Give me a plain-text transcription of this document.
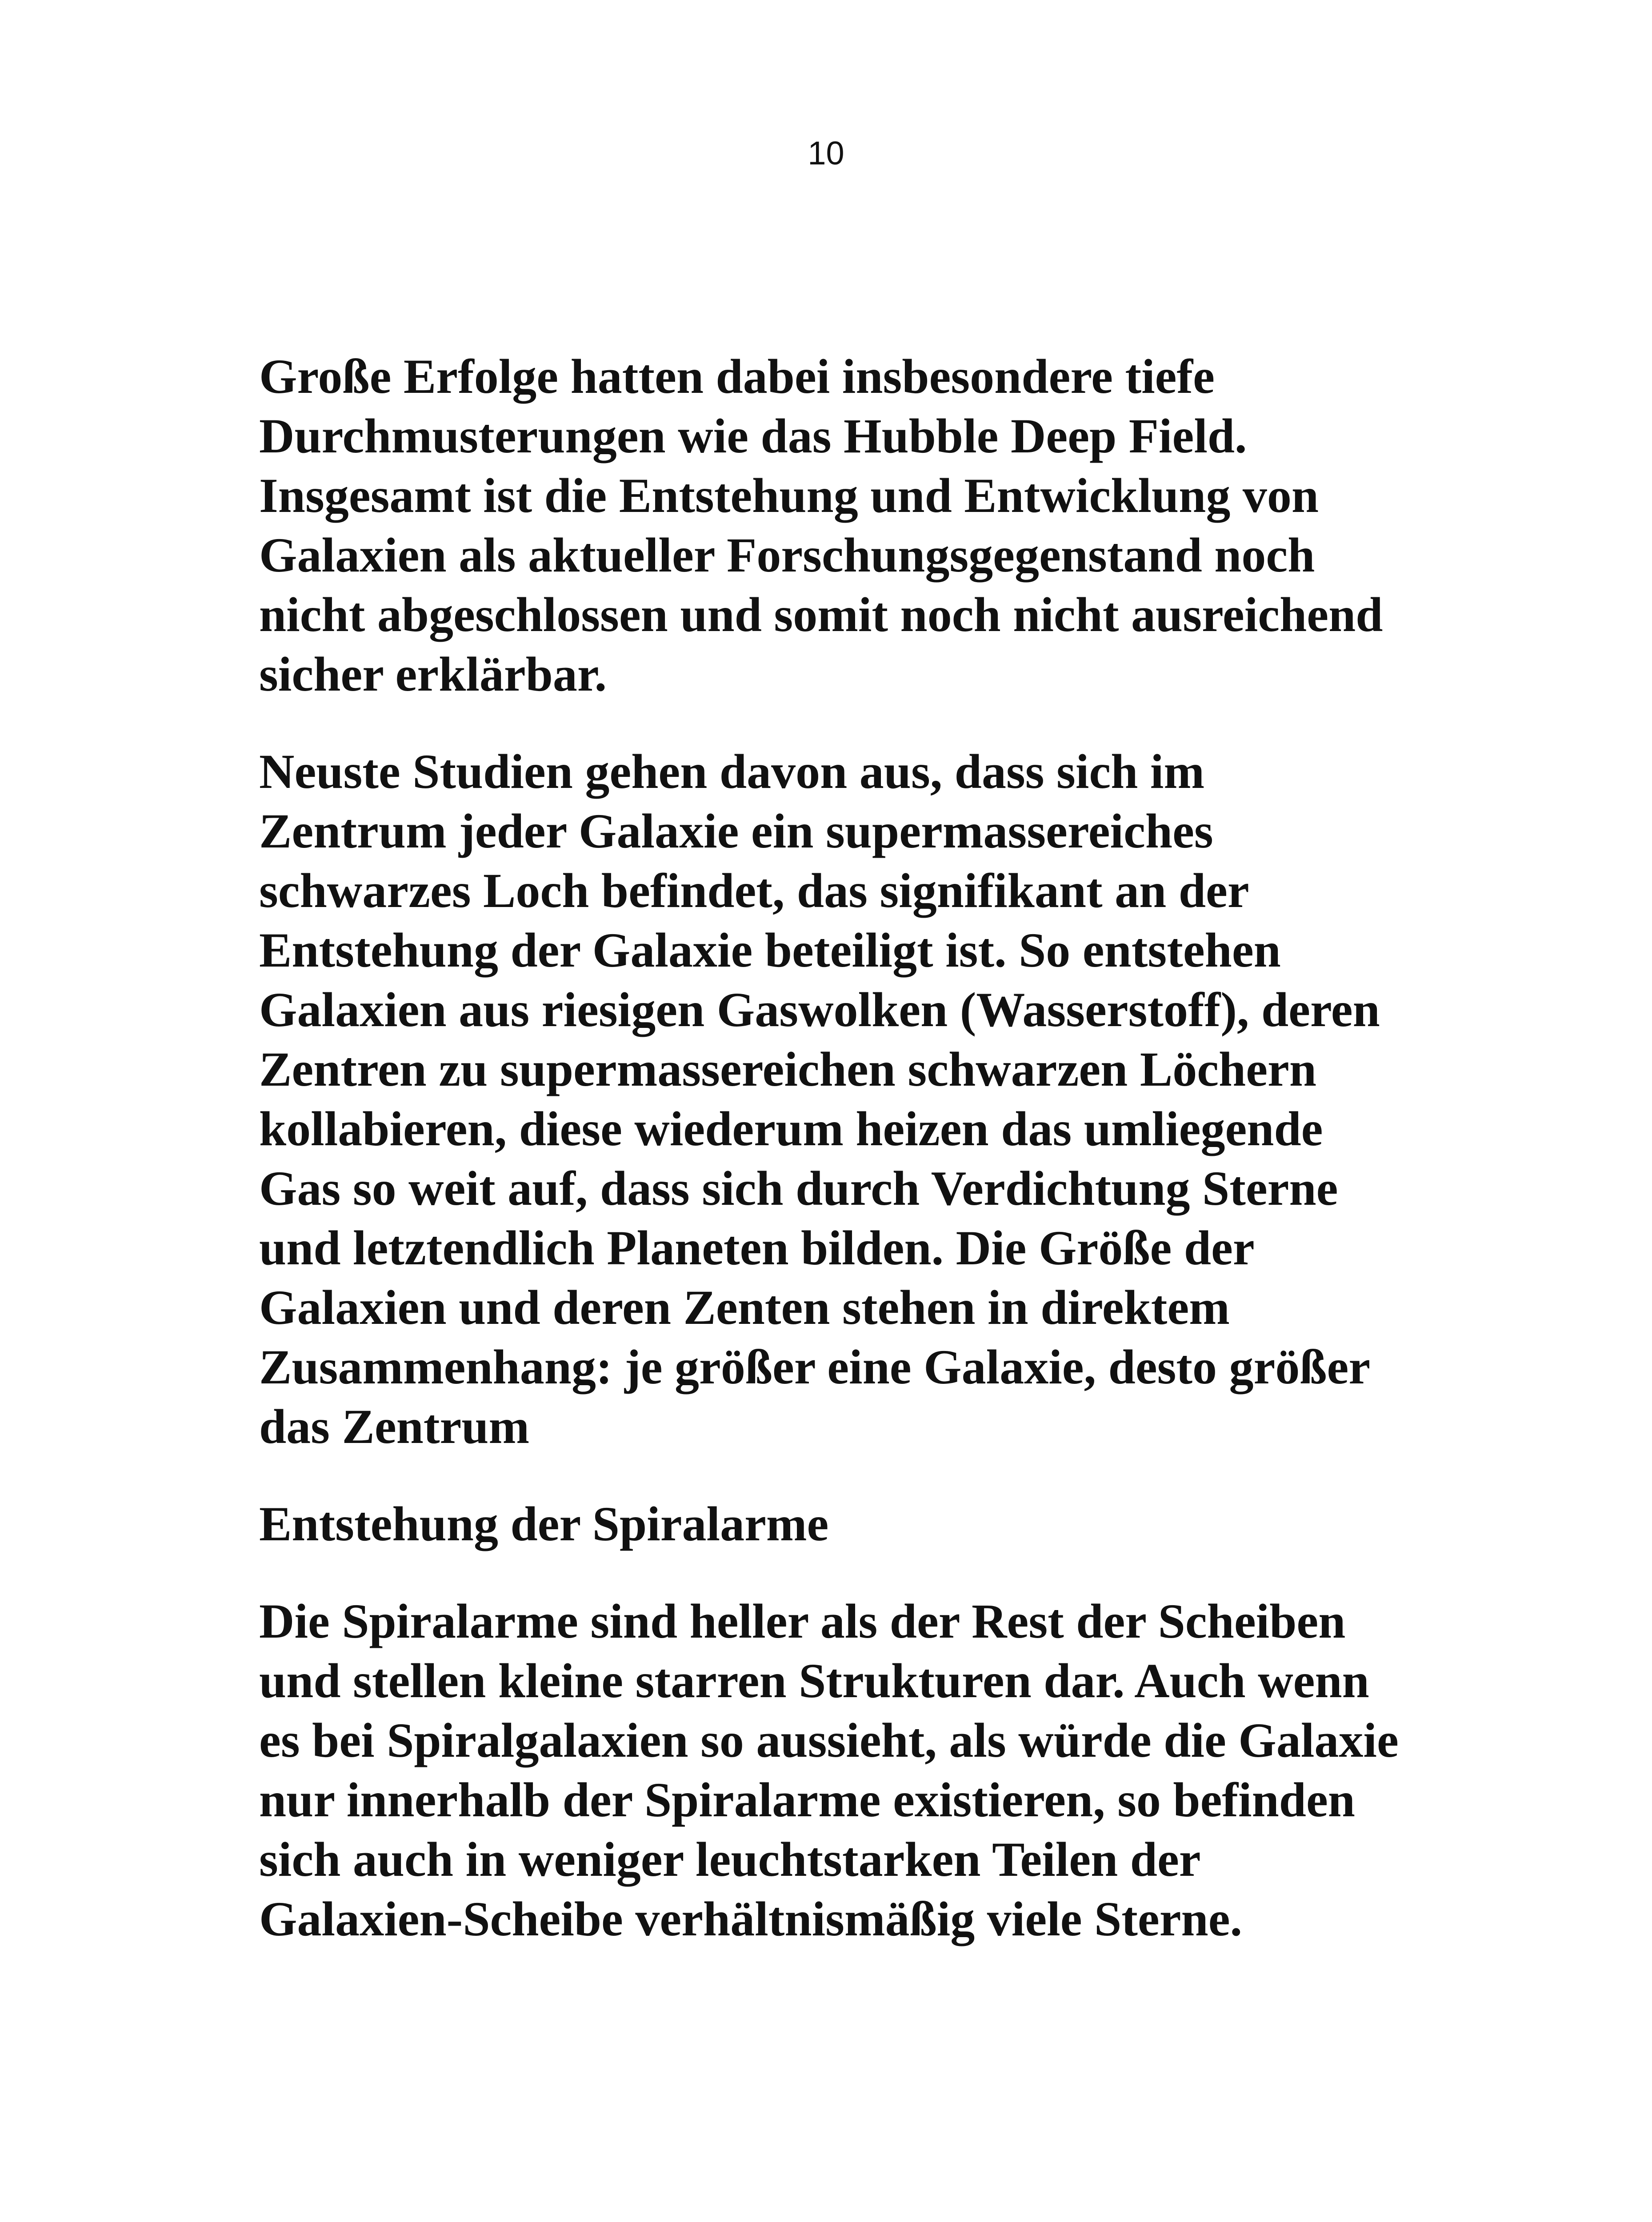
10
Große Erfolge hatten dabei insbesondere tiefe
Durchmusterungen wie das Hubble Deep Field.
Insgesamt ist die Entstehung und Entwicklung von
Galaxien als aktueller Forschungsgegenstand noch
nicht abgeschlossen und somit noch nicht ausreichend
sicher erklärbar.
Neuste Studien gehen davon aus, dass sich im
Zentrum jeder Galaxie ein supermassereiches
schwarzes Loch befindet, das signifikant an der
Entstehung der Galaxie beteiligt ist. So entstehen
Galaxien aus riesigen Gaswolken (Wasserstoff), deren
Zentren zu supermassereichen schwarzen Löchern
kollabieren, diese wiederum heizen das umliegende
Gas so weit auf, dass sich durch Verdichtung Sterne
und letztendlich Planeten bilden. Die Größe der
Galaxien und deren Zenten stehen in direktem
Zusammenhang: je größer eine Galaxie, desto größer
das Zentrum
Entstehung der Spiralarme
Die Spiralarme sind heller als der Rest der Scheiben
und stellen kleine starren Strukturen dar. Auch wenn
es bei Spiralgalaxien so aussieht, als würde die Galaxie
nur innerhalb der Spiralarme existieren, so befinden
sich auch in weniger leuchtstarken Teilen der
Galaxien-Scheibe verhältnismäßig viele Sterne.
